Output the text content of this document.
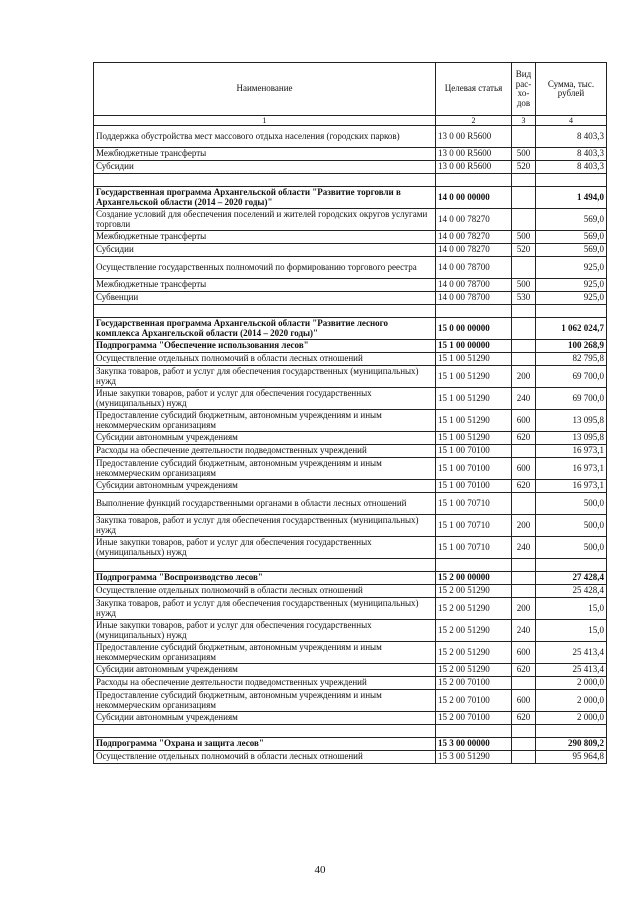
Наименование	Целевая статья	Вид рас-хо-дов	Сумма, тыс. рублей
1	2	3	4
Поддержка обустройства мест массового отдыха населения (городских парков)	13 0 00 R5600		8 403,3
Межбюджетные трансферты	13 0 00 R5600	500	8 403,3
Субсидии	13 0 00 R5600	520	8 403,3

Государственная программа Архангельской области "Развитие торговли в Архангельской области (2014 – 2020 годы)"	14 0 00 00000		1 494,0
Создание условий для обеспечения поселений и жителей городских округов услугами торговли	14 0 00 78270		569,0
Межбюджетные трансферты	14 0 00 78270	500	569,0
Субсидии	14 0 00 78270	520	569,0
Осуществление государственных полномочий по формированию торгового реестра	14 0 00 78700		925,0
Межбюджетные трансферты	14 0 00 78700	500	925,0
Субвенции	14 0 00 78700	530	925,0

Государственная программа Архангельской области "Развитие лесного комплекса Архангельской области (2014 – 2020 годы)"	15 0 00 00000		1 062 024,7
Подпрограмма "Обеспечение использования лесов"	15 1 00 00000		100 268,9
Осуществление отдельных полномочий в области лесных отношений	15 1 00 51290		82 795,8
Закупка товаров, работ и услуг для обеспечения государственных (муниципальных) нужд	15 1 00 51290	200	69 700,0
Иные закупки товаров, работ и услуг для обеспечения государственных (муниципальных) нужд	15 1 00 51290	240	69 700,0
Предоставление субсидий бюджетным, автономным учреждениям и иным некоммерческим организациям	15 1 00 51290	600	13 095,8
Субсидии автономным учреждениям	15 1 00 51290	620	13 095,8
Расходы на обеспечение деятельности подведомственных учреждений	15 1 00 70100		16 973,1
Предоставление субсидий бюджетным, автономным учреждениям и иным некоммерческим организациям	15 1 00 70100	600	16 973,1
Субсидии автономным учреждениям	15 1 00 70100	620	16 973,1
Выполнение функций государственными органами в области лесных отношений	15 1 00 70710		500,0
Закупка товаров, работ и услуг для обеспечения государственных (муниципальных) нужд	15 1 00 70710	200	500,0
Иные закупки товаров, работ и услуг для обеспечения государственных (муниципальных) нужд	15 1 00 70710	240	500,0

Подпрограмма "Воспроизводство лесов"	15 2 00 00000		27 428,4
Осуществление отдельных полномочий в области лесных отношений	15 2 00 51290		25 428,4
Закупка товаров, работ и услуг для обеспечения государственных (муниципальных) нужд	15 2 00 51290	200	15,0
Иные закупки товаров, работ и услуг для обеспечения государственных (муниципальных) нужд	15 2 00 51290	240	15,0
Предоставление субсидий бюджетным, автономным учреждениям и иным некоммерческим организациям	15 2 00 51290	600	25 413,4
Субсидии автономным учреждениям	15 2 00 51290	620	25 413,4
Расходы на обеспечение деятельности подведомственных учреждений	15 2 00 70100		2 000,0
Предоставление субсидий бюджетным, автономным учреждениям и иным некоммерческим организациям	15 2 00 70100	600	2 000,0
Субсидии автономным учреждениям	15 2 00 70100	620	2 000,0

Подпрограмма "Охрана и защита лесов"	15 3 00 00000		290 809,2
Осуществление отдельных полномочий в области лесных отношений	15 3 00 51290		95 964,8
40
